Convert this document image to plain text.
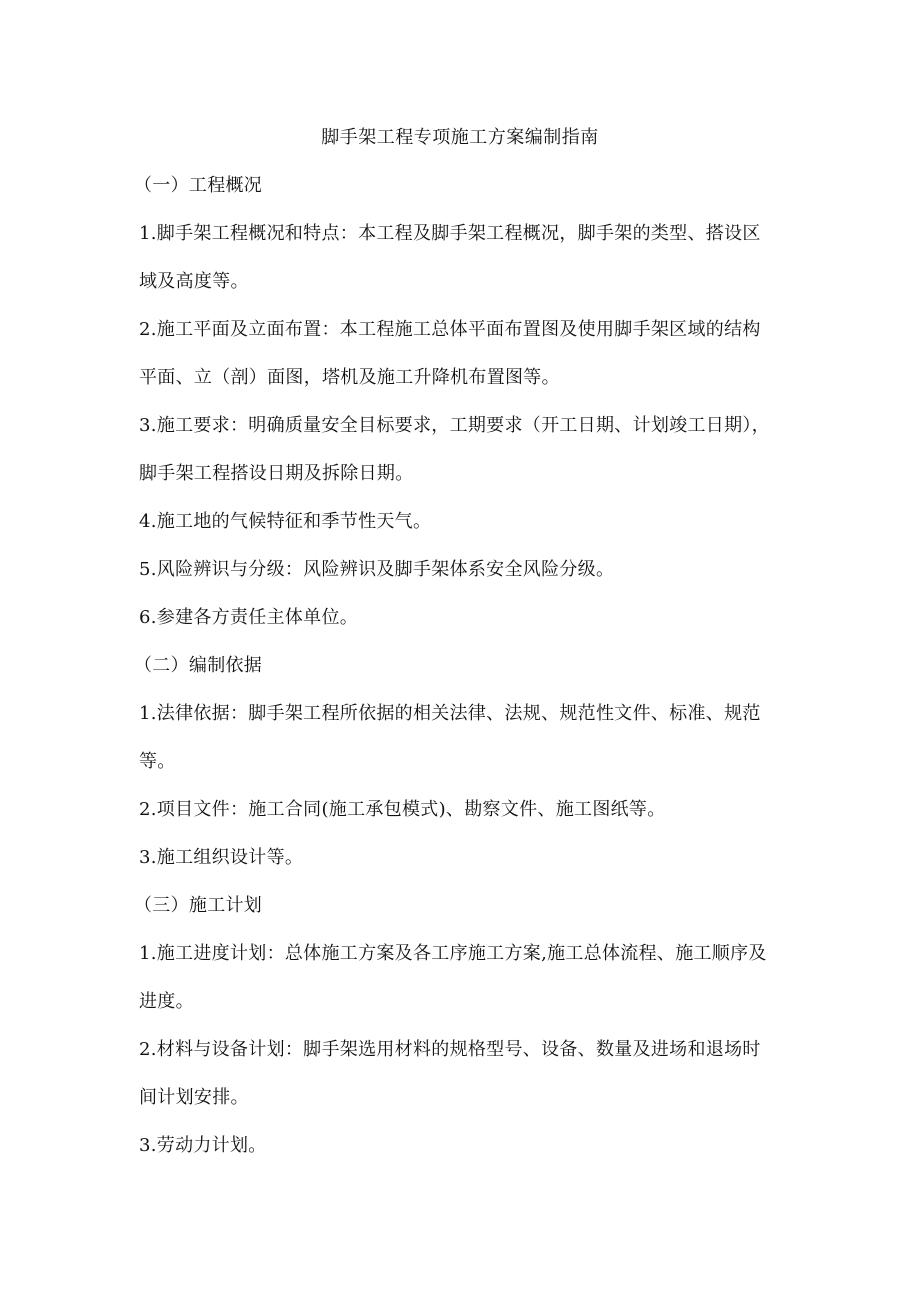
脚手架工程专项施工方案编制指南
（一）工程概况
1.脚手架工程概况和特点：本工程及脚手架工程概况，脚手架的类型、搭设区
域及高度等。
2.施工平面及立面布置：本工程施工总体平面布置图及使用脚手架区域的结构
平面、立（剖）面图，塔机及施工升降机布置图等。
3.施工要求：明确质量安全目标要求，工期要求（开工日期、计划竣工日期），
脚手架工程搭设日期及拆除日期。
4.施工地的气候特征和季节性天气。
5.风险辨识与分级：风险辨识及脚手架体系安全风险分级。
6.参建各方责任主体单位。
（二）编制依据
1.法律依据：脚手架工程所依据的相关法律、法规、规范性文件、标准、规范
等。
2.项目文件：施工合同(施工承包模式)、勘察文件、施工图纸等。
3.施工组织设计等。
（三）施工计划
1.施工进度计划：总体施工方案及各工序施工方案,施工总体流程、施工顺序及
进度。
2.材料与设备计划：脚手架选用材料的规格型号、设备、数量及进场和退场时
间计划安排。
3.劳动力计划。
